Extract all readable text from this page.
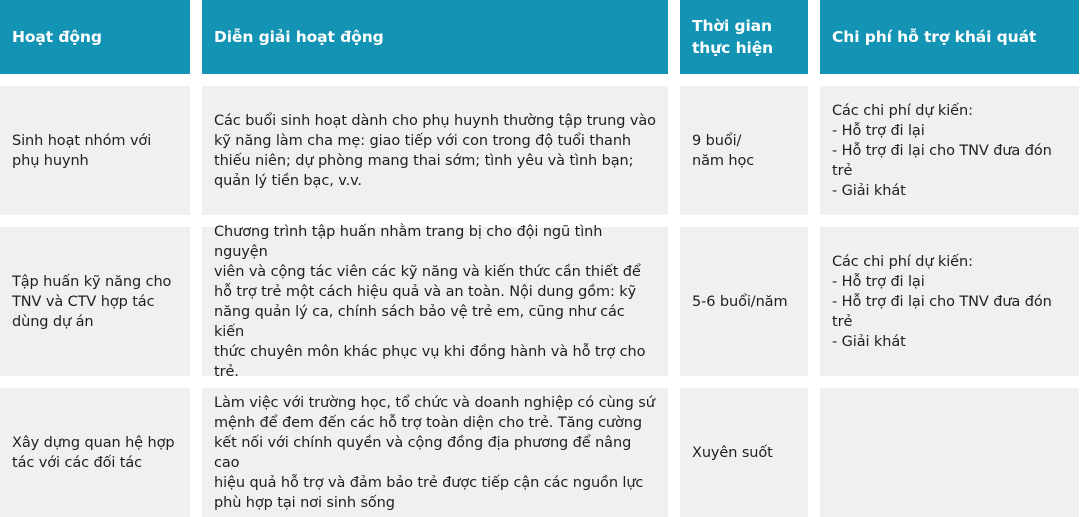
Hoạt động	Diễn giải hoạt động
Thời gian
thực hiện
Chi phí hỗ trợ khái quát
Sinh hoạt nhóm với
phụ huynh
Các buổi sinh hoạt dành cho phụ huynh thường tập trung vào
kỹ năng làm cha mẹ: giao tiếp với con trong độ tuổi thanh
thiếu niên; dự phòng mang thai sớm; tình yêu và tình bạn;
quản lý tiền bạc, v.v.
9 buổi/
năm học
Các chi phí dự kiến:
- Hỗ trợ đi lại
- Hỗ trợ đi lại cho TNV đưa đón
trẻ
- Giải khát
Tập huấn kỹ năng cho
TNV và CTV hợp tác
dùng dự án
Chương trình tập huấn nhằm trang bị cho đội ngũ tình nguyện
viên và cộng tác viên các kỹ năng và kiến thức cần thiết để
hỗ trợ trẻ một cách hiệu quả và an toàn. Nội dung gồm: kỹ
năng quản lý ca, chính sách bảo vệ trẻ em, cũng như các kiến
thức chuyên môn khác phục vụ khi đồng hành và hỗ trợ cho
trẻ.
5-6 buổi/năm
Các chi phí dự kiến:
- Hỗ trợ đi lại
- Hỗ trợ đi lại cho TNV đưa đón
trẻ
- Giải khát
Xây dựng quan hệ hợp
tác với các đối tác
Làm việc với trường học, tổ chức và doanh nghiệp có cùng sứ
mệnh để đem đến các hỗ trợ toàn diện cho trẻ. Tăng cường
kết nối với chính quyền và cộng đồng địa phương để nâng cao
hiệu quả hỗ trợ và đảm bảo trẻ được tiếp cận các nguồn lực
phù hợp tại nơi sinh sống
Xuyên suốt
